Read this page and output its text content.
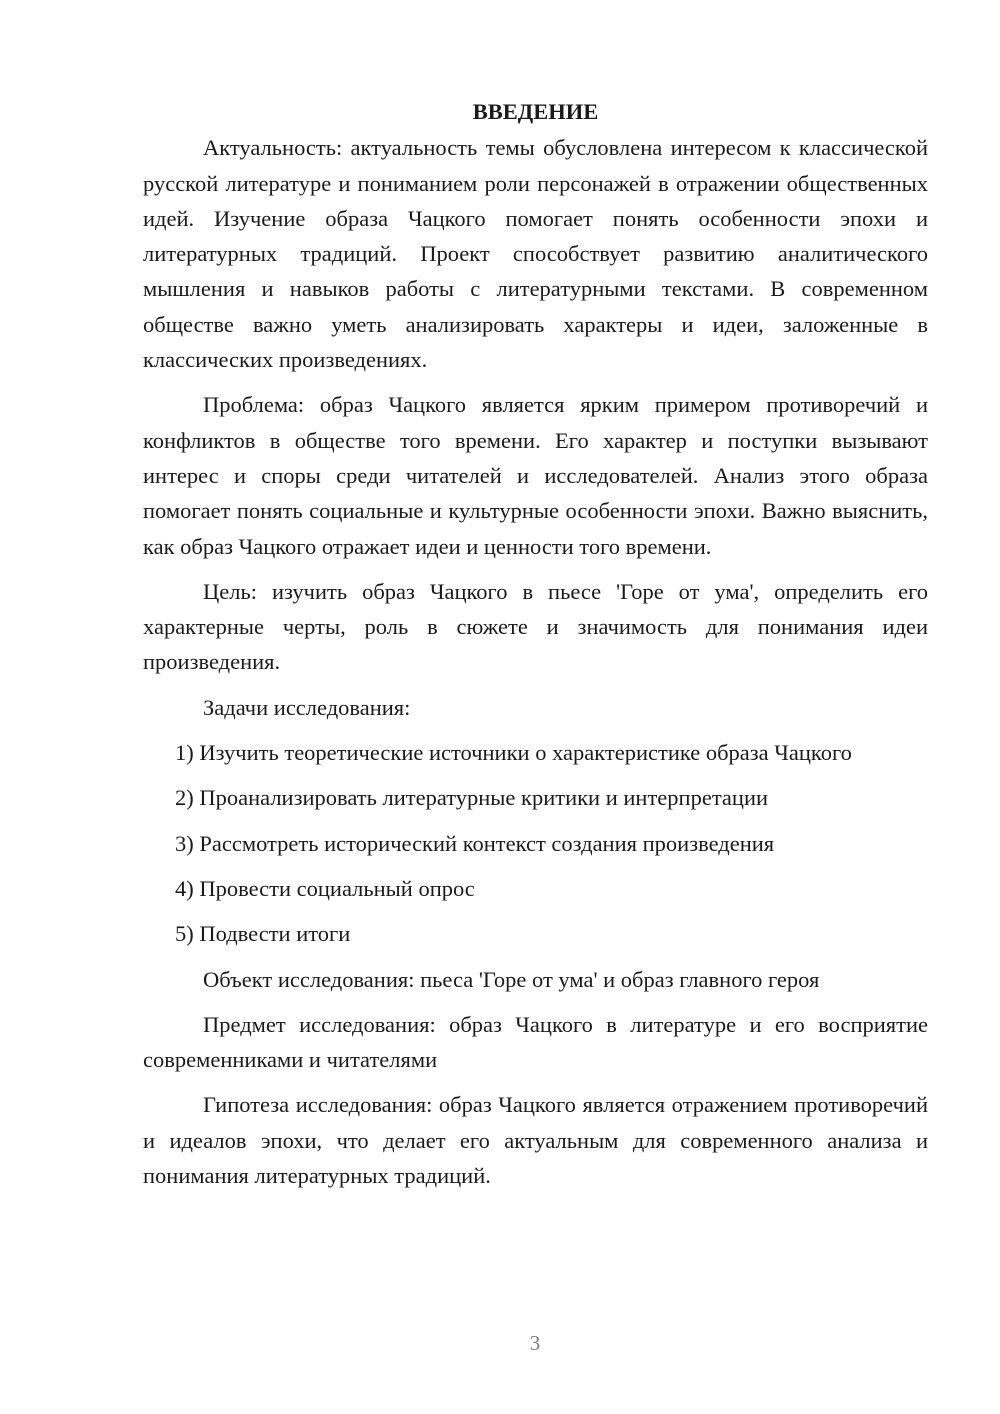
ВВЕДЕНИЕ

Актуальность: актуальность темы обусловлена интересом к классической русской литературе и пониманием роли персонажей в отражении общественных идей. Изучение образа Чацкого помогает понять особенности эпохи и литературных традиций. Проект способствует развитию аналитического мышления и навыков работы с литературными текстами. В современном обществе важно уметь анализировать характеры и идеи, заложенные в классических произведениях.

Проблема: образ Чацкого является ярким примером противоречий и конфликтов в обществе того времени. Его характер и поступки вызывают интерес и споры среди читателей и исследователей. Анализ этого образа помогает понять социальные и культурные особенности эпохи. Важно выяснить, как образ Чацкого отражает идеи и ценности того времени.

Цель: изучить образ Чацкого в пьесе 'Горе от ума', определить его характерные черты, роль в сюжете и значимость для понимания идеи произведения.

Задачи исследования:

1) Изучить теоретические источники о характеристике образа Чацкого

2) Проанализировать литературные критики и интерпретации

3) Рассмотреть исторический контекст создания произведения

4) Провести социальный опрос

5) Подвести итоги

Объект исследования: пьеса 'Горе от ума' и образ главного героя

Предмет исследования: образ Чацкого в литературе и его восприятие современниками и читателями

Гипотеза исследования: образ Чацкого является отражением противоречий и идеалов эпохи, что делает его актуальным для современного анализа и понимания литературных традиций.

3
